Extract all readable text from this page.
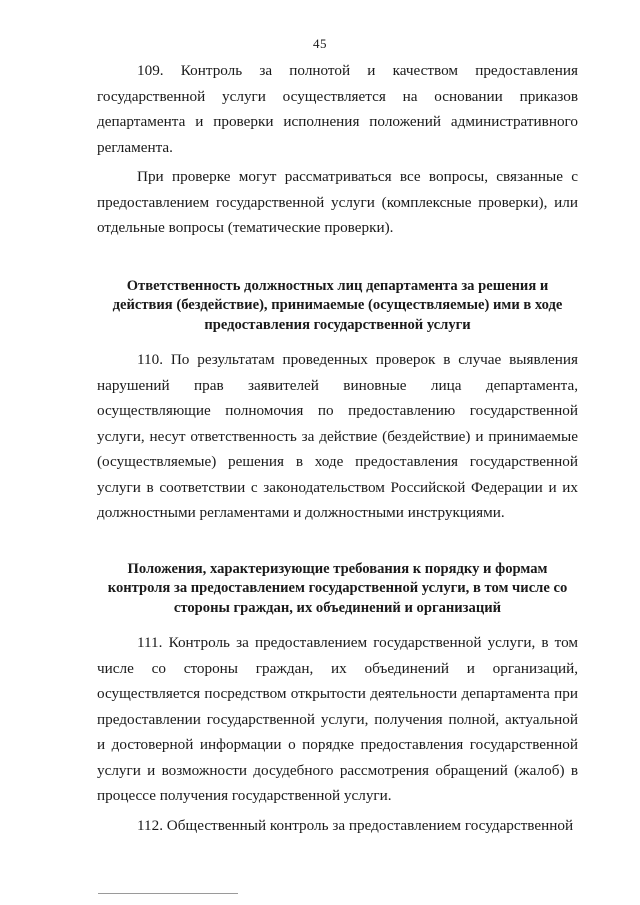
45

109. Контроль за полнотой и качеством предоставления государственной услуги осуществляется на основании приказов департамента и проверки исполнения положений административного регламента.

При проверке могут рассматриваться все вопросы, связанные с предоставлением государственной услуги (комплексные проверки), или отдельные вопросы (тематические проверки).

Ответственность должностных лиц департамента за решения и действия (бездействие), принимаемые (осуществляемые) ими в ходе предоставления государственной услуги

110. По результатам проведенных проверок в случае выявления нарушений прав заявителей виновные лица департамента, осуществляющие полномочия по предоставлению государственной услуги, несут ответственность за действие (бездействие) и принимаемые (осуществляемые) решения в ходе предоставления государственной услуги в соответствии с законодательством Российской Федерации и их должностными регламентами и должностными инструкциями.

Положения, характеризующие требования к порядку и формам контроля за предоставлением государственной услуги, в том числе со стороны граждан, их объединений и организаций

111. Контроль за предоставлением государственной услуги, в том числе со стороны граждан, их объединений и организаций, осуществляется посредством открытости деятельности департамента при предоставлении государственной услуги, получения полной, актуальной и достоверной информации о порядке предоставления государственной услуги и возможности досудебного рассмотрения обращений (жалоб) в процессе получения государственной услуги.

112. Общественный контроль за предоставлением государственной
